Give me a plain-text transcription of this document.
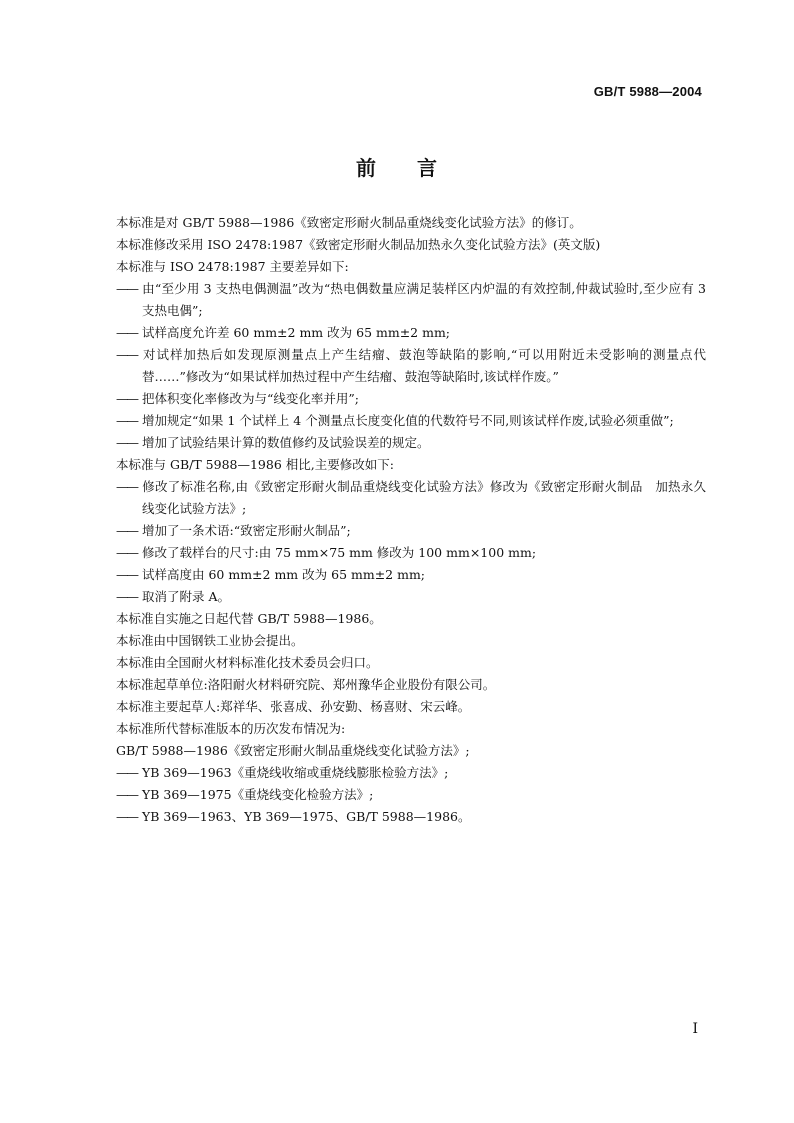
GB/T 5988—2004
前 言

本标准是对 GB/T 5988—1986《致密定形耐火制品重烧线变化试验方法》的修订。

本标准修改采用 ISO 2478:1987《致密定形耐火制品加热永久变化试验方法》(英文版)

本标准与 ISO 2478:1987 主要差异如下:

—— 由“至少用 3 支热电偶测温”改为“热电偶数量应满足装样区内炉温的有效控制,仲裁试验时,至少应有 3 支热电偶”;

—— 试样高度允许差 60 mm±2 mm 改为 65 mm±2 mm;

—— 对试样加热后如发现原测量点上产生结瘤、鼓泡等缺陷的影响,“可以用附近未受影响的测量点代替……”修改为“如果试样加热过程中产生结瘤、鼓泡等缺陷时,该试样作废。”

—— 把体积变化率修改为与“线变化率并用”;

—— 增加规定“如果 1 个试样上 4 个测量点长度变化值的代数符号不同,则该试样作废,试验必须重做”;

—— 增加了试验结果计算的数值修约及试验误差的规定。

本标准与 GB/T 5988—1986 相比,主要修改如下:

—— 修改了标准名称,由《致密定形耐火制品重烧线变化试验方法》修改为《致密定形耐火制品　加热永久线变化试验方法》;

—— 增加了一条术语:“致密定形耐火制品”;

—— 修改了载样台的尺寸:由 75 mm×75 mm 修改为 100 mm×100 mm;

—— 试样高度由 60 mm±2 mm 改为 65 mm±2 mm;

—— 取消了附录 A。

本标准自实施之日起代替 GB/T 5988—1986。

本标准由中国钢铁工业协会提出。

本标准由全国耐火材料标准化技术委员会归口。

本标准起草单位:洛阳耐火材料研究院、郑州豫华企业股份有限公司。

本标准主要起草人:郑祥华、张喜成、孙安勤、杨喜财、宋云峰。

本标准所代替标准版本的历次发布情况为:

GB/T 5988—1986《致密定形耐火制品重烧线变化试验方法》;

—— YB 369—1963《重烧线收缩或重烧线膨胀检验方法》;

—— YB 369—1975《重烧线变化检验方法》;

—— YB 369—1963、YB 369—1975、GB/T 5988—1986。

I
